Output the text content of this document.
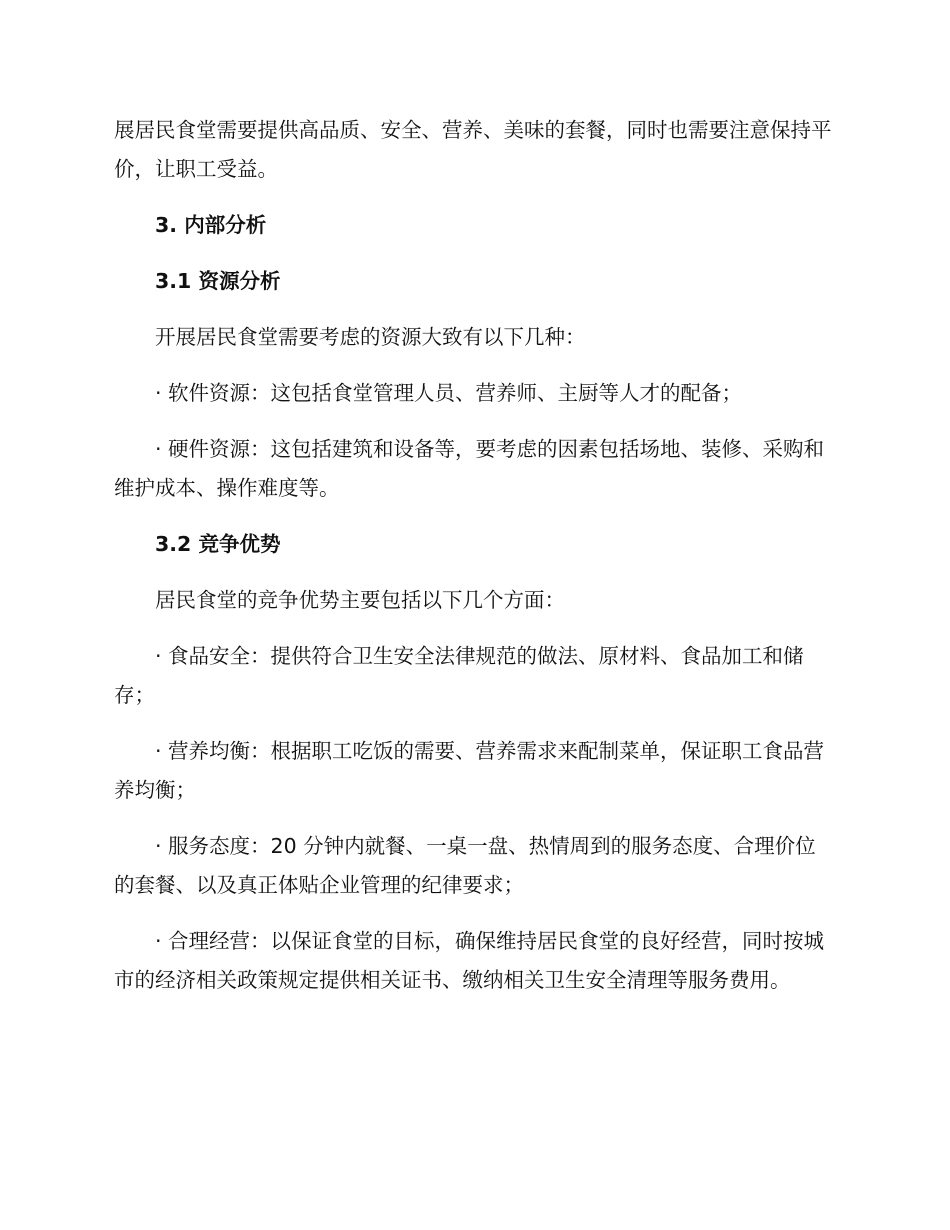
展居民食堂需要提供高品质、安全、营养、美味的套餐，同时也需要注意保持平价，让职工受益。

3. 内部分析

3.1 资源分析

开展居民食堂需要考虑的资源大致有以下几种：

· 软件资源：这包括食堂管理人员、营养师、主厨等人才的配备；

· 硬件资源：这包括建筑和设备等，要考虑的因素包括场地、装修、采购和维护成本、操作难度等。

3.2 竞争优势

居民食堂的竞争优势主要包括以下几个方面：

· 食品安全：提供符合卫生安全法律规范的做法、原材料、食品加工和储存；

· 营养均衡：根据职工吃饭的需要、营养需求来配制菜单，保证职工食品营养均衡；

· 服务态度：20 分钟内就餐、一桌一盘、热情周到的服务态度、合理价位的套餐、以及真正体贴企业管理的纪律要求；

· 合理经营：以保证食堂的目标，确保维持居民食堂的良好经营，同时按城市的经济相关政策规定提供相关证书、缴纳相关卫生安全清理等服务费用。
